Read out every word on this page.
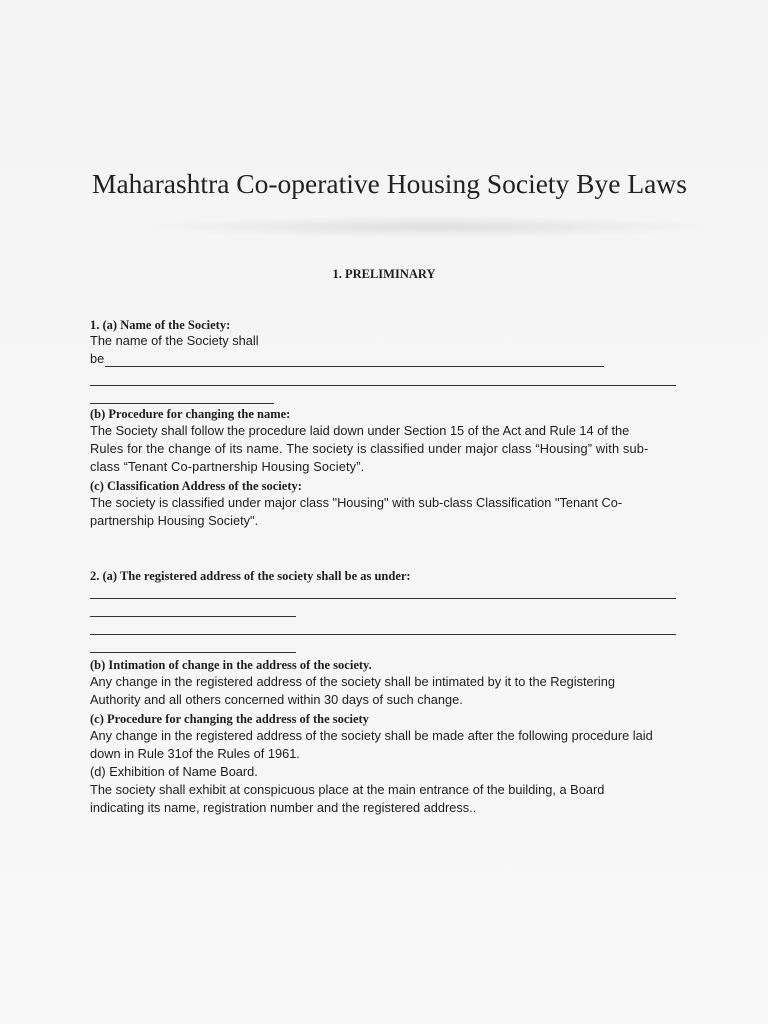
Maharashtra Co-operative Housing Society Bye Laws
1. PRELIMINARY
1. (a) Name of the Society:
The name of the Society shall
be
(b) Procedure for changing the name:
The Society shall follow the procedure laid down under Section 15 of the Act and Rule 14 of the
Rules for the change of its name. The society is classified under major class “Housing” with sub-
class “Tenant Co-partnership Housing Society”.
(c) Classification Address of the society:
The society is classified under major class "Housing" with sub-class Classification "Tenant Co-
partnership Housing Society".
2. (a) The registered address of the society shall be as under:
(b) Intimation of change in the address of the society.
Any change in the registered address of the society shall be intimated by it to the Registering
Authority and all others concerned within 30 days of such change.
(c) Procedure for changing the address of the society
Any change in the registered address of the society shall be made after the following procedure laid
down in Rule 31of the Rules of 1961.
(d) Exhibition of Name Board.
The society shall exhibit at conspicuous place at the main entrance of the building, a Board
indicating its name, registration number and the registered address..
